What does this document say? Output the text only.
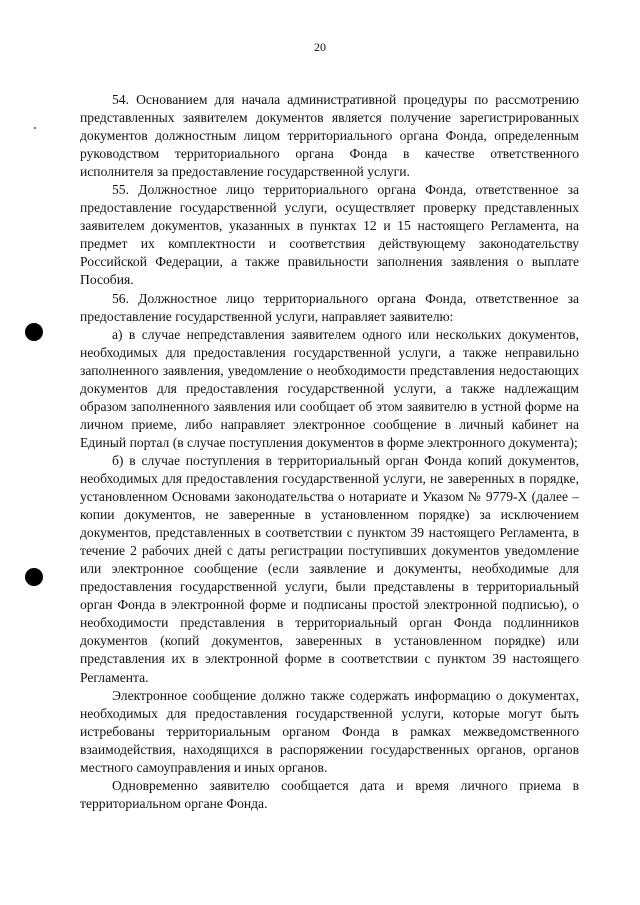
20

54. Основанием для начала административной процедуры по рассмотрению представленных заявителем документов является получение зарегистрированных документов должностным лицом территориального органа Фонда, определенным руководством территориального органа Фонда в качестве ответственного исполнителя за предоставление государственной услуги.

55. Должностное лицо территориального органа Фонда, ответственное за предоставление государственной услуги, осуществляет проверку представленных заявителем документов, указанных в пунктах 12 и 15 настоящего Регламента, на предмет их комплектности и соответствия действующему законодательству Российской Федерации, а также правильности заполнения заявления о выплате Пособия.

56. Должностное лицо территориального органа Фонда, ответственное за предоставление государственной услуги, направляет заявителю:

а) в случае непредставления заявителем одного или нескольких документов, необходимых для предоставления государственной услуги, а также неправильно заполненного заявления, уведомление о необходимости представления недостающих документов для предоставления государственной услуги, а также надлежащим образом заполненного заявления или сообщает об этом заявителю в устной форме на личном приеме, либо направляет электронное сообщение в личный кабинет на Единый портал (в случае поступления документов в форме электронного документа);

б) в случае поступления в территориальный орган Фонда копий документов, необходимых для предоставления государственной услуги, не заверенных в порядке, установленном Основами законодательства о нотариате и Указом № 9779-Х (далее – копии документов, не заверенные в установленном порядке) за исключением документов, представленных в соответствии с пунктом 39 настоящего Регламента, в течение 2 рабочих дней с даты регистрации поступивших документов уведомление или электронное сообщение (если заявление и документы, необходимые для предоставления государственной услуги, были представлены в территориальный орган Фонда в электронной форме и подписаны простой электронной подписью), о необходимости представления в территориальный орган Фонда подлинников документов (копий документов, заверенных в установленном порядке) или представления их в электронной форме в соответствии с пунктом 39 настоящего Регламента.

Электронное сообщение должно также содержать информацию о документах, необходимых для предоставления государственной услуги, которые могут быть истребованы территориальным органом Фонда в рамках межведомственного взаимодействия, находящихся в распоряжении государственных органов, органов местного самоуправления и иных органов.

Одновременно заявителю сообщается дата и время личного приема в территориальном органе Фонда.
